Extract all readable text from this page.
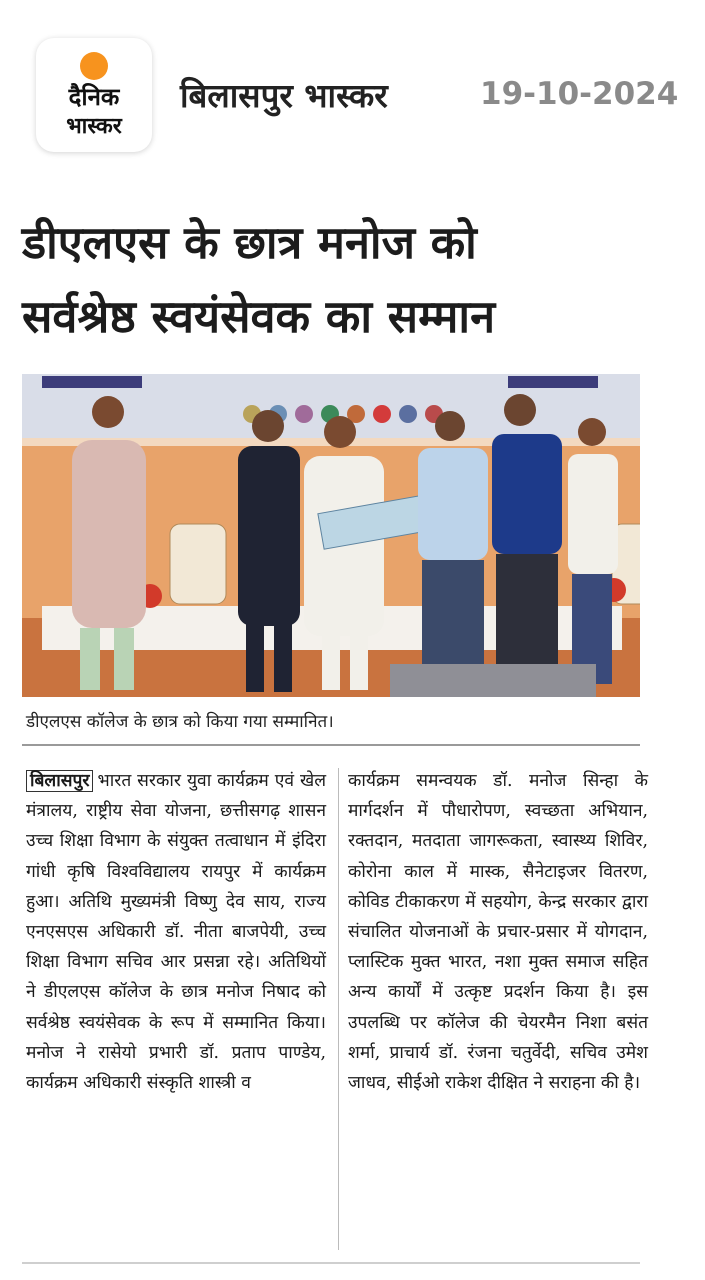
दैनिक
भास्कर
बिलासपुर भास्कर	19-10-2024
डीएलएस के छात्र मनोज को
सर्वश्रेष्ठ स्वयंसेवक का सम्मान
डीएलएस कॉलेज के छात्र को किया गया सम्मानित।
बिलासपुर भारत सरकार युवा कार्यक्रम एवं खेल मंत्रालय, राष्ट्रीय सेवा योजना, छत्तीसगढ़ शासन उच्च शिक्षा विभाग के संयुक्त तत्वाधान में इंदिरा गांधी कृषि विश्वविद्यालय रायपुर में कार्यक्रम हुआ। अतिथि मुख्यमंत्री विष्णु देव साय, राज्य एनएसएस अधिकारी डॉ. नीता बाजपेयी, उच्च शिक्षा विभाग सचिव आर प्रसन्ना रहे। अतिथियों ने डीएलएस कॉलेज के छात्र मनोज निषाद को सर्वश्रेष्ठ स्वयंसेवक के रूप में सम्मानित किया। मनोज ने रासेयो प्रभारी डॉ. प्रताप पाण्डेय, कार्यक्रम अधिकारी संस्कृति शास्त्री व
कार्यक्रम समन्वयक डॉ. मनोज सिन्हा के मार्गदर्शन में पौधारोपण, स्वच्छता अभियान, रक्तदान, मतदाता जागरूकता, स्वास्थ्य शिविर, कोरोना काल में मास्क, सैनेटाइजर वितरण, कोविड टीकाकरण में सहयोग, केन्द्र सरकार द्वारा संचालित योजनाओं के प्रचार-प्रसार में योगदान, प्लास्टिक मुक्त भारत, नशा मुक्त समाज सहित अन्य कार्यों में उत्कृष्ट प्रदर्शन किया है। इस उपलब्धि पर कॉलेज की चेयरमैन निशा बसंत शर्मा, प्राचार्य डॉ. रंजना चतुर्वेदी, सचिव उमेश जाधव, सीईओ राकेश दीक्षित ने सराहना की है।
